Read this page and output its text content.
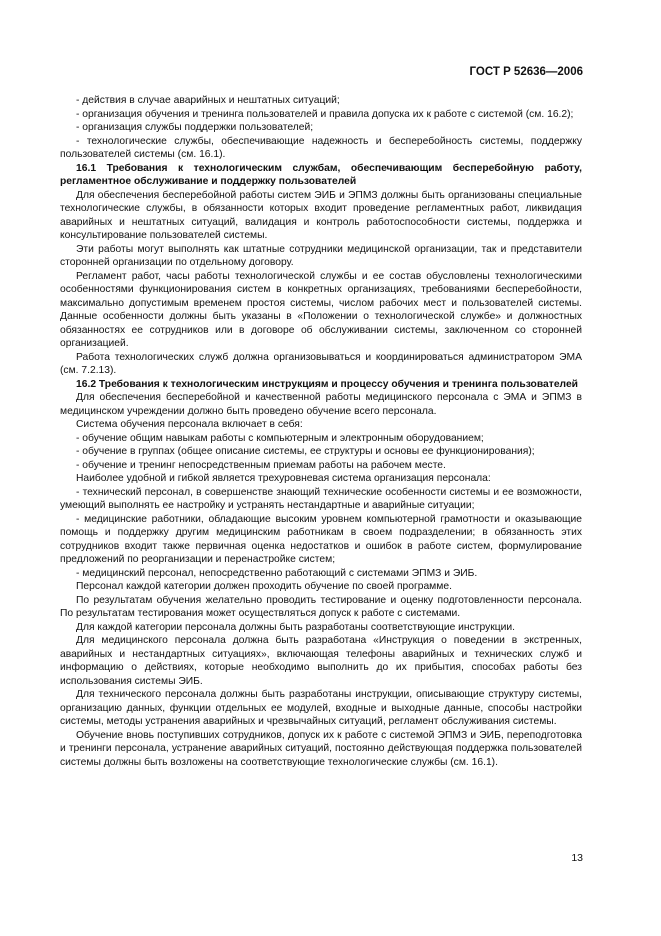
ГОСТ Р 52636—2006

- действия в случае аварийных и нештатных ситуаций;

- организация обучения и тренинга пользователей и правила допуска их к работе с системой (см. 16.2);

- организация службы поддержки пользователей;

- технологические службы, обеспечивающие надежность и бесперебойность системы, поддержку пользователей системы (см. 16.1).

16.1 Требования к технологическим службам, обеспечивающим бесперебойную работу, регламентное обслуживание и поддержку пользователей

Для обеспечения бесперебойной работы систем ЭИБ и ЭПМЗ должны быть организованы специальные технологические службы, в обязанности которых входит проведение регламентных работ, ликвидация аварийных и нештатных ситуаций, валидация и контроль работоспособности системы, поддержка и консультирование пользователей системы.

Эти работы могут выполнять как штатные сотрудники медицинской организации, так и представители сторонней организации по отдельному договору.

Регламент работ, часы работы технологической службы и ее состав обусловлены технологическими особенностями функционирования систем в конкретных организациях, требованиями бесперебойности, максимально допустимым временем простоя системы, числом рабочих мест и пользователей системы. Данные особенности должны быть указаны в «Положении о технологической службе» и должностных обязанностях ее сотрудников или в договоре об обслуживании системы, заключенном со сторонней организацией.

Работа технологических служб должна организовываться и координироваться администратором ЭМА (см. 7.2.13).

16.2 Требования к технологическим инструкциям и процессу обучения и тренинга пользователей

Для обеспечения бесперебойной и качественной работы медицинского персонала с ЭМА и ЭПМЗ в медицинском учреждении должно быть проведено обучение всего персонала.

Система обучения персонала включает в себя:

- обучение общим навыкам работы с компьютерным и электронным оборудованием;

- обучение в группах (общее описание системы, ее структуры и основы ее функционирования);

- обучение и тренинг непосредственным приемам работы на рабочем месте.

Наиболее удобной и гибкой является трехуровневая система организация персонала:

- технический персонал, в совершенстве знающий технические особенности системы и ее возможности, умеющий выполнять ее настройку и устранять нестандартные и аварийные ситуации;

- медицинские работники, обладающие высоким уровнем компьютерной грамотности и оказывающие помощь и поддержку другим медицинским работникам в своем подразделении; в обязанность этих сотрудников входит также первичная оценка недостатков и ошибок в работе систем, формулирование предложений по реорганизации и перенастройке систем;

- медицинский персонал, непосредственно работающий с системами ЭПМЗ и ЭИБ.

Персонал каждой категории должен проходить обучение по своей программе.

По результатам обучения желательно проводить тестирование и оценку подготовленности персонала. По результатам тестирования может осуществляться допуск к работе с системами.

Для каждой категории персонала должны быть разработаны соответствующие инструкции.

Для медицинского персонала должна быть разработана «Инструкция о поведении в экстренных, аварийных и нестандартных ситуациях», включающая телефоны аварийных и технических служб и информацию о действиях, которые необходимо выполнить до их прибытия, способах работы без использования системы ЭИБ.

Для технического персонала должны быть разработаны инструкции, описывающие структуру системы, организацию данных, функции отдельных ее модулей, входные и выходные данные, способы настройки системы, методы устранения аварийных и чрезвычайных ситуаций, регламент обслуживания системы.

Обучение вновь поступивших сотрудников, допуск их к работе с системой ЭПМЗ и ЭИБ, переподготовка и тренинги персонала, устранение аварийных ситуаций, постоянно действующая поддержка пользователей системы должны быть возложены на соответствующие технологические службы (см. 16.1).

13
